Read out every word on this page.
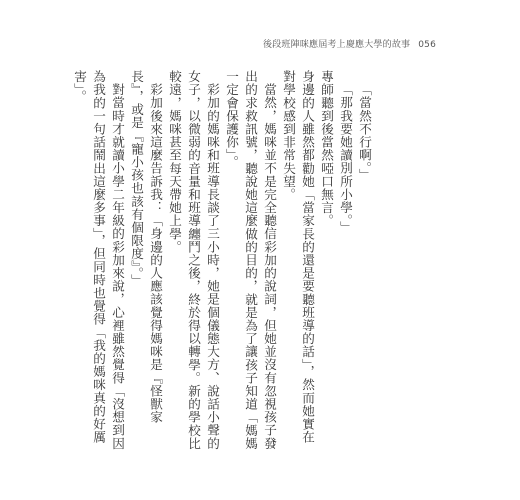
後段班陣咪應屆考上慶應大學的故事 056

「當然不行啊。」

「那我要她讀別所小學。」

專師聽到後當然啞口無言。

身邊的人雖然都勸她「當家長的還是要聽班導的話」，然而她實在對學校感到非常失望。

當然，媽咪並不是完全聽信彩加的說詞，但她並沒有忽視孩子發出的求救訊號，聽說她這麼做的目的，就是為了讓孩子知道「媽媽一定會保護你」。

彩加的媽咪和班導長談了三小時，她是個儀態大方、說話小聲的女子，以微弱的音量和班導纏鬥之後，終於得以轉學。新的學校比較遠，媽咪甚至每天帶她上學。

彩加後來這麼告訴我：「身邊的人應該覺得媽咪是『怪獸家長』，或是『寵小孩也該有個限度』。」

對當時才就讀小學二年級的彩加來說，心裡雖然覺得「沒想到因為我的一句話鬧出這麼多事」，但同時也覺得「我的媽咪真的好厲害」。
